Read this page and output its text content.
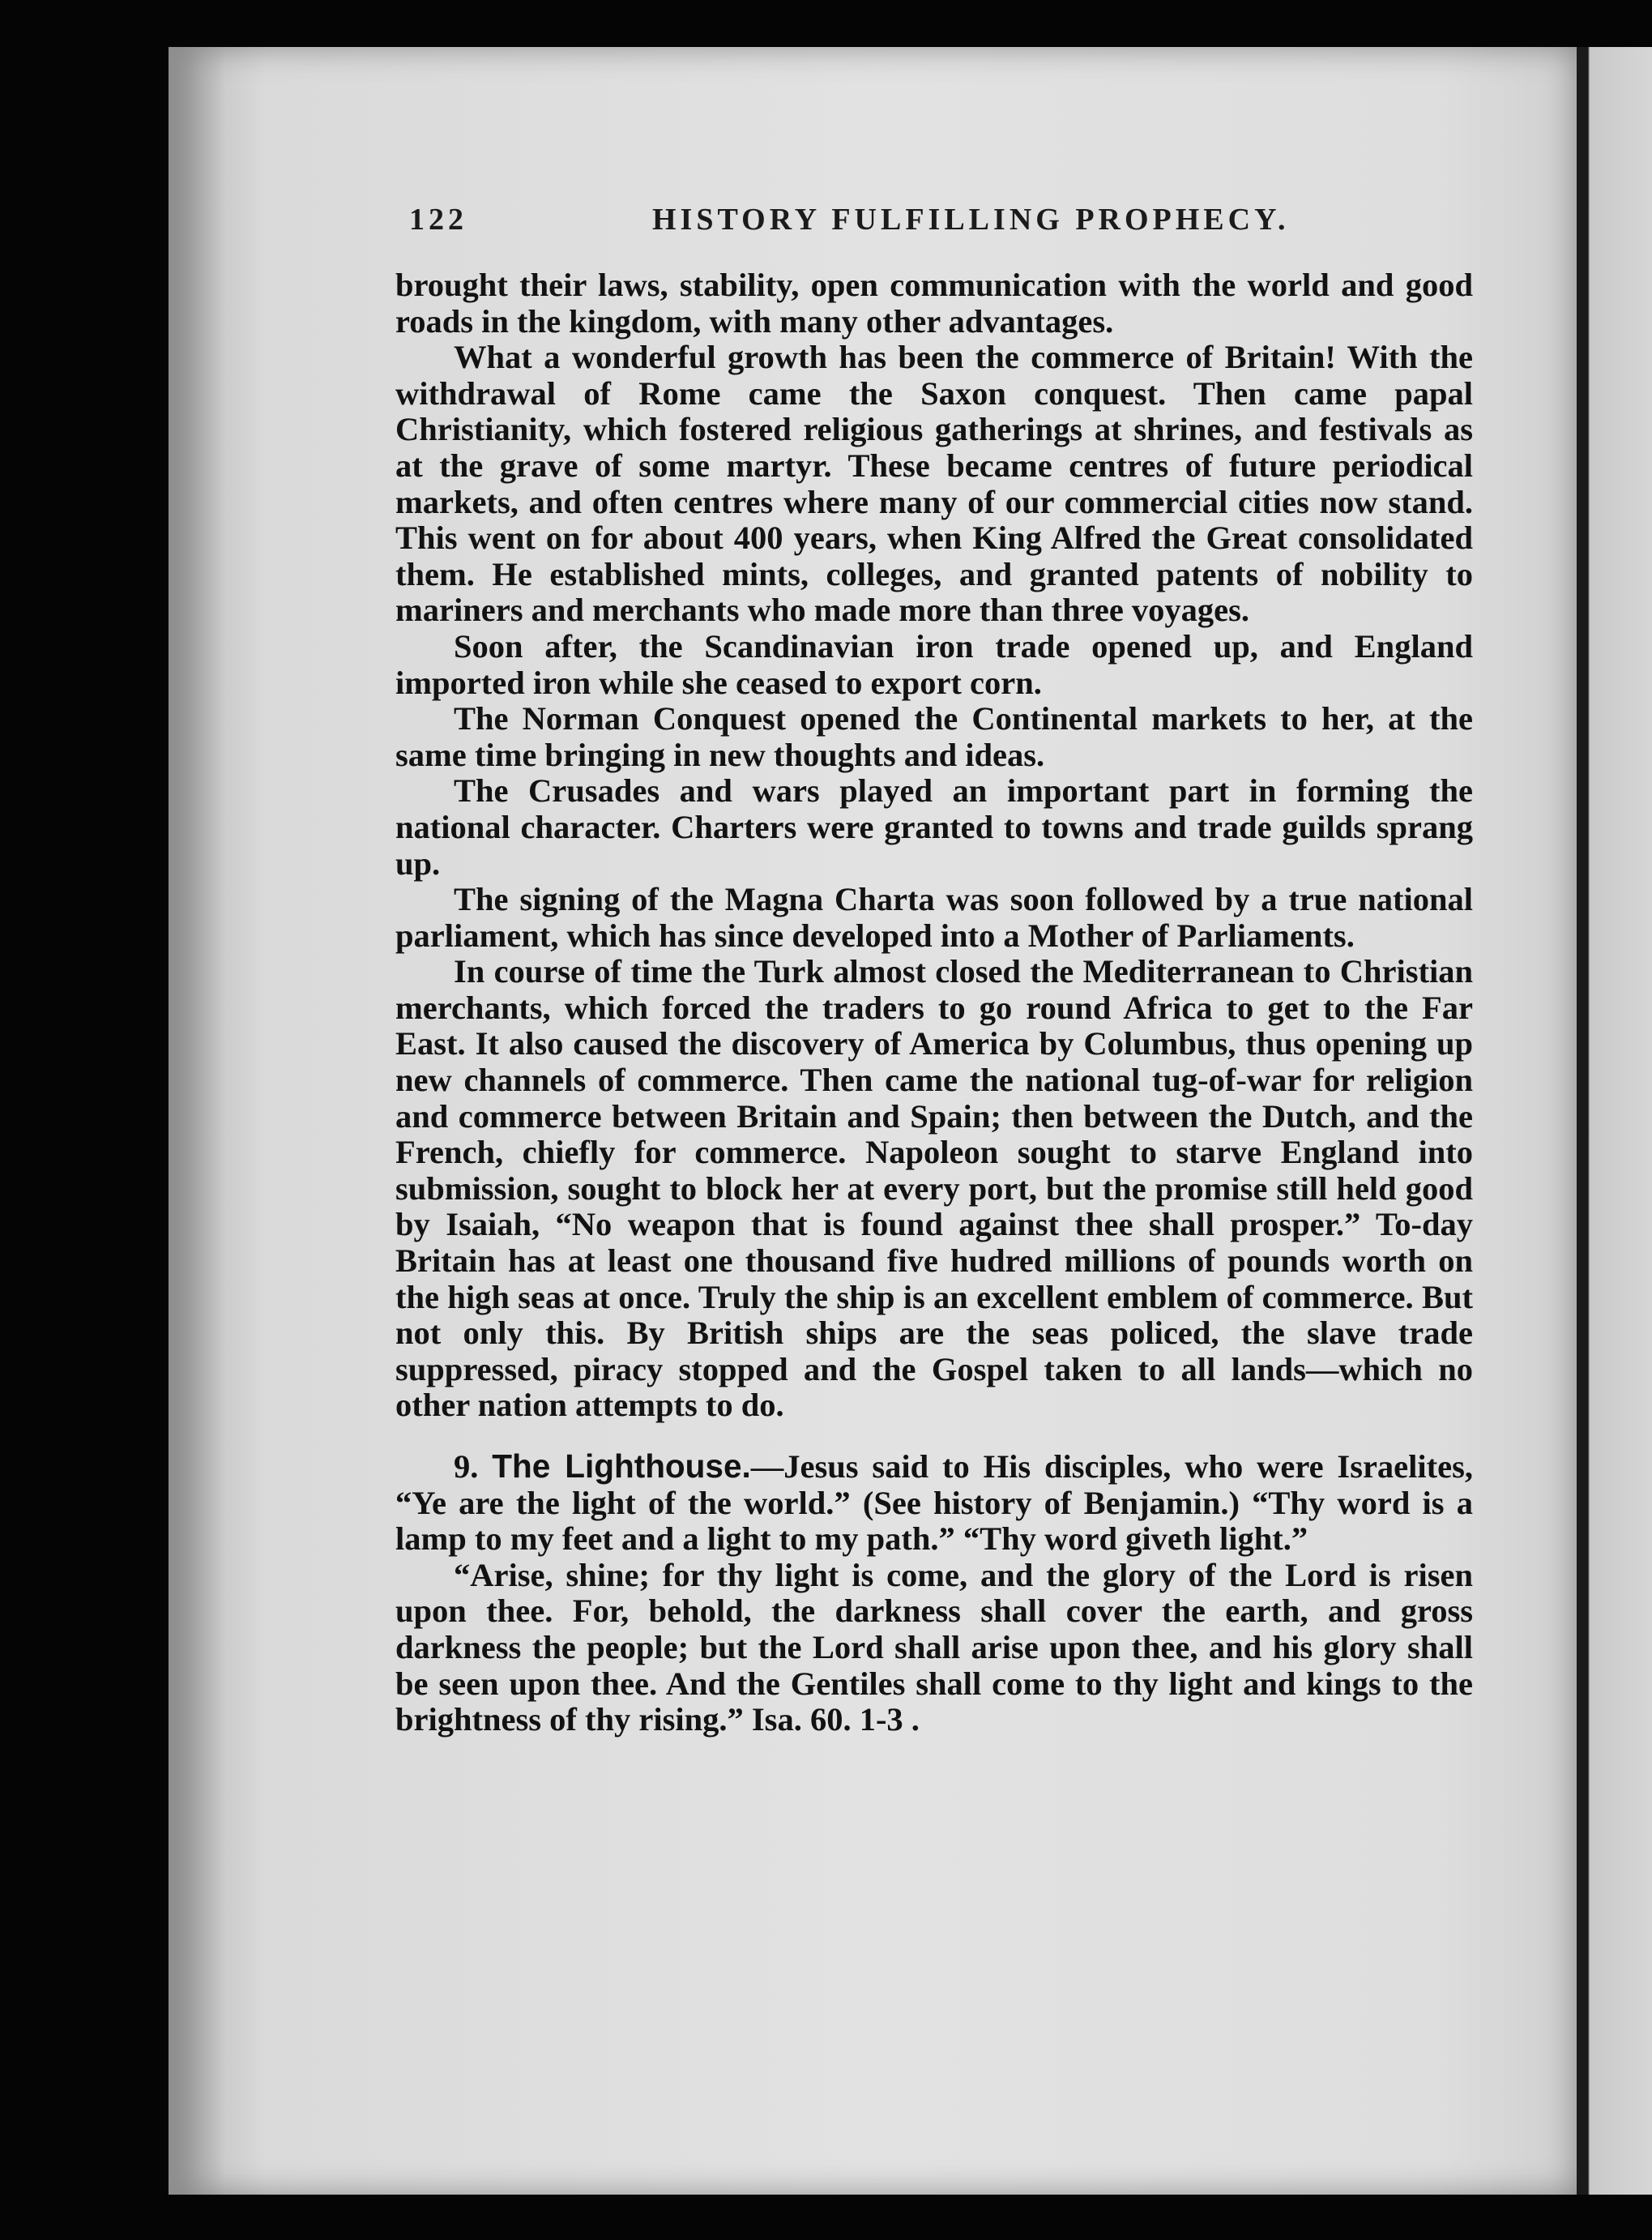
122	HISTORY FULFILLING PROPHECY.

brought their laws, stability, open communication with the world and good roads in the kingdom, with many other advantages.

What a wonderful growth has been the commerce of Britain! With the withdrawal of Rome came the Saxon conquest. Then came papal Christianity, which fostered religious gatherings at shrines, and festivals as at the grave of some martyr. These became centres of future periodical markets, and often centres where many of our commercial cities now stand. This went on for about 400 years, when King Alfred the Great consolidated them. He established mints, colleges, and granted patents of nobility to mariners and merchants who made more than three voyages.

Soon after, the Scandinavian iron trade opened up, and England imported iron while she ceased to export corn.

The Norman Conquest opened the Continental markets to her, at the same time bringing in new thoughts and ideas.

The Crusades and wars played an important part in forming the national character. Charters were granted to towns and trade guilds sprang up.

The signing of the Magna Charta was soon followed by a true national parliament, which has since developed into a Mother of Parliaments.

In course of time the Turk almost closed the Mediterranean to Christian merchants, which forced the traders to go round Africa to get to the Far East. It also caused the discovery of America by Columbus, thus opening up new channels of commerce. Then came the national tug-of-war for religion and commerce between Britain and Spain; then between the Dutch, and the French, chiefly for commerce. Napoleon sought to starve England into submission, sought to block her at every port, but the promise still held good by Isaiah, “No weapon that is found against thee shall prosper.” To-day Britain has at least one thousand five hudred millions of pounds worth on the high seas at once. Truly the ship is an excellent emblem of commerce. But not only this. By British ships are the seas policed, the slave trade suppressed, piracy stopped and the Gospel taken to all lands—which no other nation attempts to do.

9. The Lighthouse.—Jesus said to His disciples, who were Israelites, “Ye are the light of the world.” (See history of Benjamin.) “Thy word is a lamp to my feet and a light to my path.” “Thy word giveth light.”

“Arise, shine; for thy light is come, and the glory of the Lord is risen upon thee. For, behold, the darkness shall cover the earth, and gross darkness the people; but the Lord shall arise upon thee, and his glory shall be seen upon thee. And the Gentiles shall come to thy light and kings to the brightness of thy rising.” Isa. 60. 1-3 .
